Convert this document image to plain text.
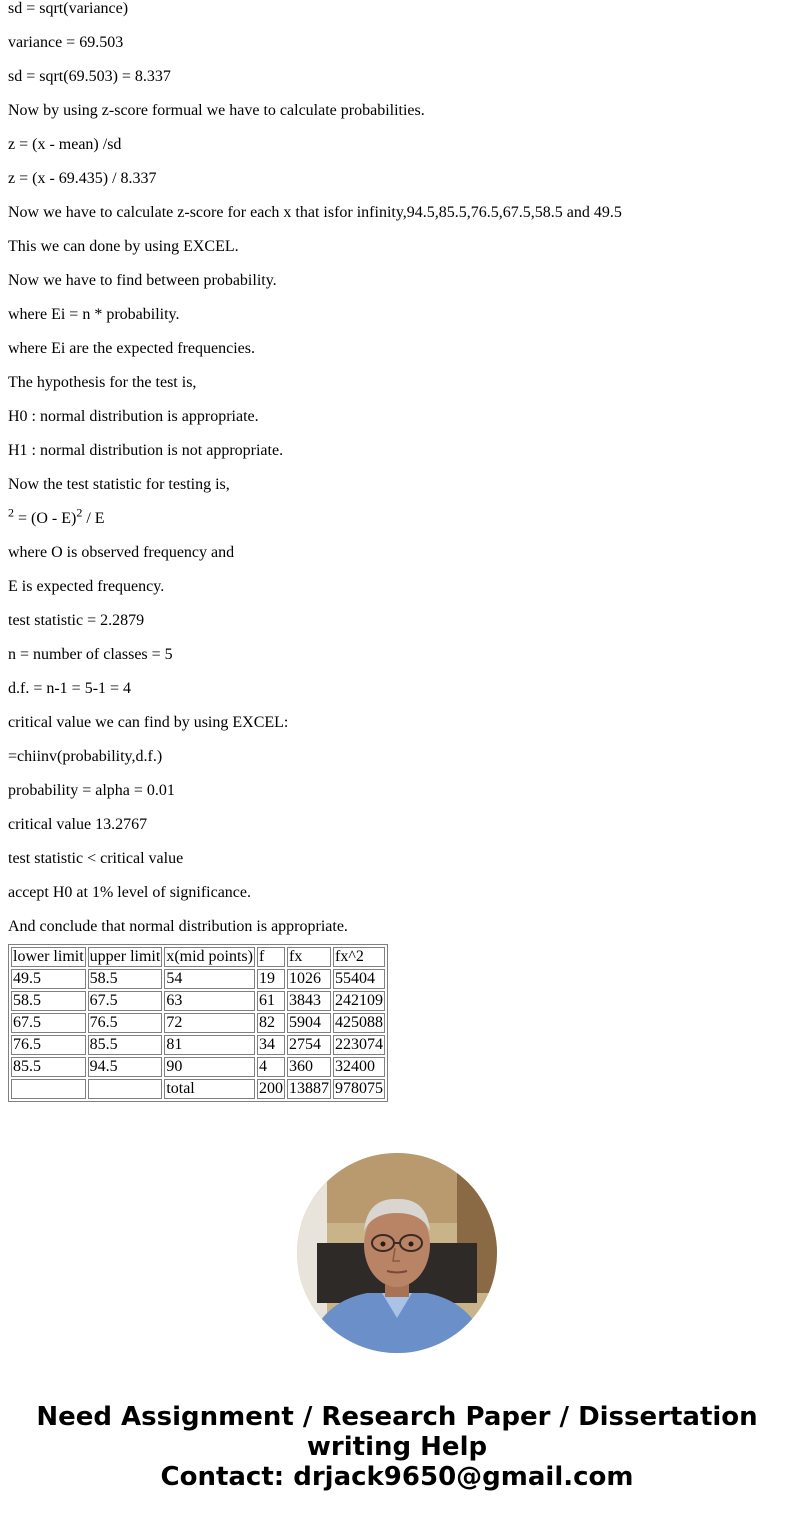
sd = sqrt(variance)

variance = 69.503

sd = sqrt(69.503) = 8.337

Now by using z-score formual we have to calculate probabilities.

z = (x - mean) /sd

z = (x - 69.435) / 8.337

Now we have to calculate z-score for each x that isfor infinity,94.5,85.5,76.5,67.5,58.5 and 49.5

This we can done by using EXCEL.

Now we have to find between probability.

where Ei = n * probability.

where Ei are the expected frequencies.

The hypothesis for the test is,

H0 : normal distribution is appropriate.

H1 : normal distribution is not appropriate.

Now the test statistic for testing is,

$^2$ = (O - E)$^2$ / E

where O is observed frequency and

E is expected frequency.

test statistic = 2.2879

n = number of classes = 5

d.f. = n-1 = 5-1 = 4

critical value we can find by using EXCEL:

=chiinv(probability,d.f.)

probability = alpha = 0.01

critical value 13.2767

test statistic < critical value

accept H0 at 1% level of significance.

And conclude that normal distribution is appropriate.

lower limit	upper limit	x(mid points)	f	fx	fx^2
49.5	58.5	54	19	1026	55404
58.5	67.5	63	61	3843	242109
67.5	76.5	72	82	5904	425088
76.5	85.5	81	34	2754	223074
85.5	94.5	90	4	360	32400
		total	200	13887	978075
Need Assignment / Research Paper / Dissertation
writing Help
Contact: drjack9650@gmail.com
